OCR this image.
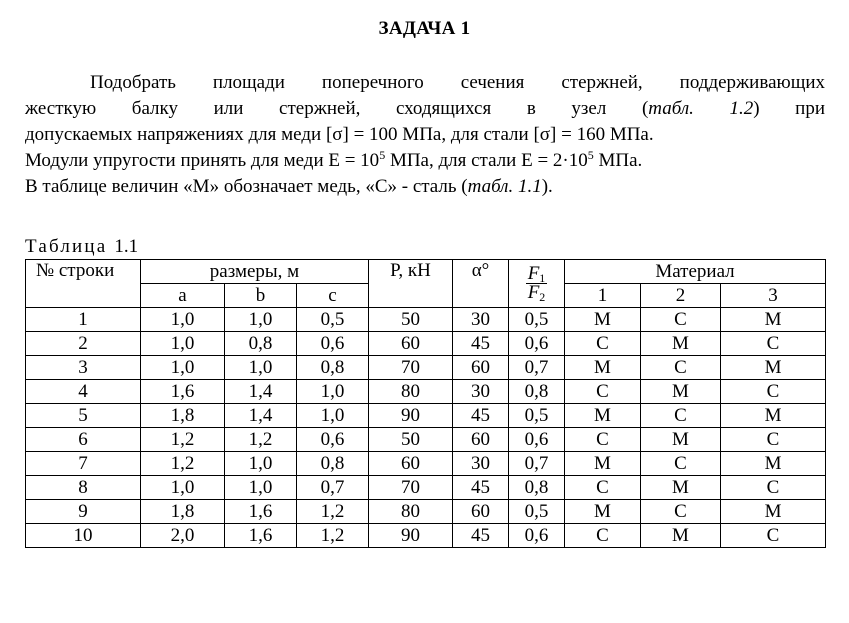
ЗАДАЧА 1
Подобрать площади поперечного сечения стержней, поддерживающих
жесткую балку или стержней, сходящихся в узел (табл. 1.2) при
допускаемых напряжениях для меди [σ] = 100 МПа, для стали [σ] = 160 МПа.
Модули упругости принять для меди $Е = 10^5$ МПа, для стали $Е = 2\cdot 10^5$ МПа.
В таблице величин «М» обозначает медь, «С» - сталь (табл. 1.1).
Таблица 1.1
№ строки	размеры, м			Р, кН	α°	$\frac{F_1}{F_2}$	Материал		
	a	b	c				1	2	3
1	1,0	1,0	0,5	50	30	0,5	М	С	М
2	1,0	0,8	0,6	60	45	0,6	С	М	С
3	1,0	1,0	0,8	70	60	0,7	М	С	М
4	1,6	1,4	1,0	80	30	0,8	С	М	С
5	1,8	1,4	1,0	90	45	0,5	М	С	М
6	1,2	1,2	0,6	50	60	0,6	С	М	С
7	1,2	1,0	0,8	60	30	0,7	М	С	М
8	1,0	1,0	0,7	70	45	0,8	С	М	С
9	1,8	1,6	1,2	80	60	0,5	М	С	М
10	2,0	1,6	1,2	90	45	0,6	С	М	С
